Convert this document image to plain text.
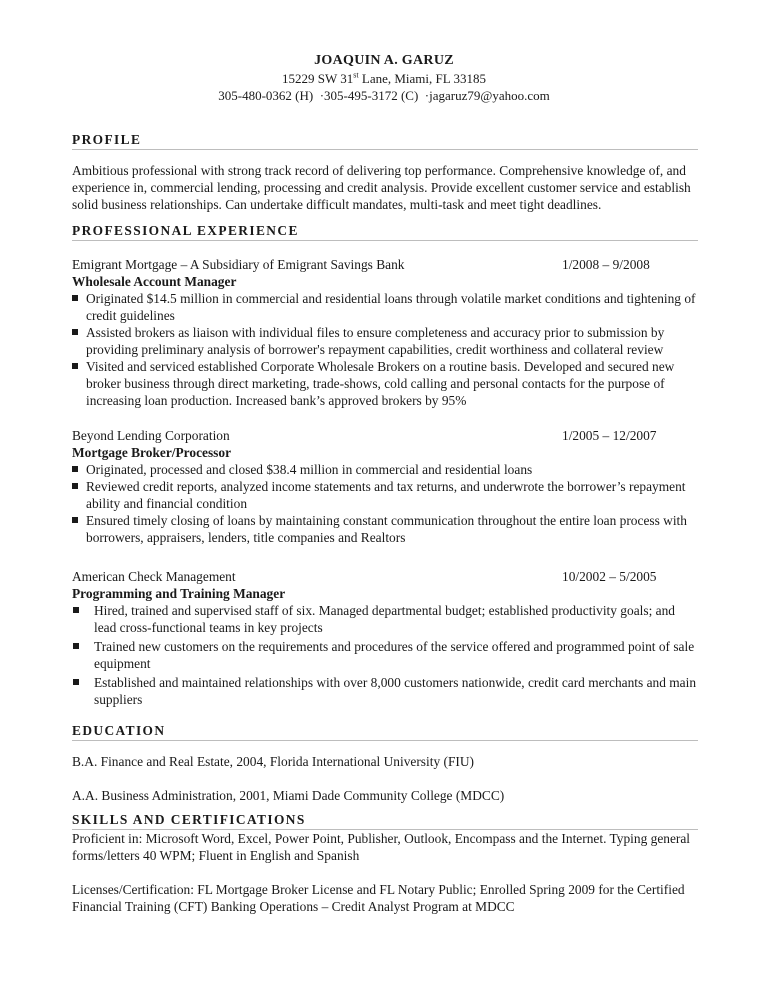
JOAQUIN A. GARUZ
15229 SW 31st Lane, Miami, FL 33185
305-480-0362 (H)  ·305-495-3172 (C)  ·jagaruz79@yahoo.com
PROFILE

Ambitious professional with strong track record of delivering top performance. Comprehensive knowledge of, and experience in, commercial lending, processing and credit analysis. Provide excellent customer service and establish solid business relationships. Can undertake difficult mandates, multi-task and meet tight deadlines.

PROFESSIONAL EXPERIENCE
Emigrant Mortgage – A Subsidiary of Emigrant Savings Bank	1/2008 – 9/2008
Wholesale Account Manager
Originated $14.5 million in commercial and residential loans through volatile market conditions and tightening of credit guidelines
Assisted brokers as liaison with individual files to ensure completeness and accuracy prior to submission by providing preliminary analysis of borrower's repayment capabilities, credit worthiness and collateral review
Visited and serviced established Corporate Wholesale Brokers on a routine basis. Developed and secured new broker business through direct marketing, trade-shows, cold calling and personal contacts for the purpose of increasing loan production. Increased bank’s approved brokers by 95%
Beyond Lending Corporation	1/2005 – 12/2007
Mortgage Broker/Processor
Originated, processed and closed $38.4 million in commercial and residential loans
Reviewed credit reports, analyzed income statements and tax returns, and underwrote the borrower’s repayment ability and financial condition
Ensured timely closing of loans by maintaining constant communication throughout the entire loan process with borrowers, appraisers, lenders, title companies and Realtors
American Check Management	10/2002 – 5/2005
Programming and Training Manager
Hired, trained and supervised staff of six. Managed departmental budget; established productivity goals; and lead cross-functional teams in key projects
Trained new customers on the requirements and procedures of the service offered and programmed point of sale equipment
Established and maintained relationships with over 8,000 customers nationwide, credit card merchants and main suppliers
EDUCATION

B.A. Finance and Real Estate, 2004, Florida International University (FIU)

A.A. Business Administration, 2001, Miami Dade Community College (MDCC)

SKILLS AND CERTIFICATIONS

Proficient in: Microsoft Word, Excel, Power Point, Publisher, Outlook, Encompass and the Internet. Typing general forms/letters 40 WPM; Fluent in English and Spanish

Licenses/Certification: FL Mortgage Broker License and FL Notary Public; Enrolled Spring 2009 for the Certified Financial Training (CFT) Banking Operations – Credit Analyst Program at MDCC
